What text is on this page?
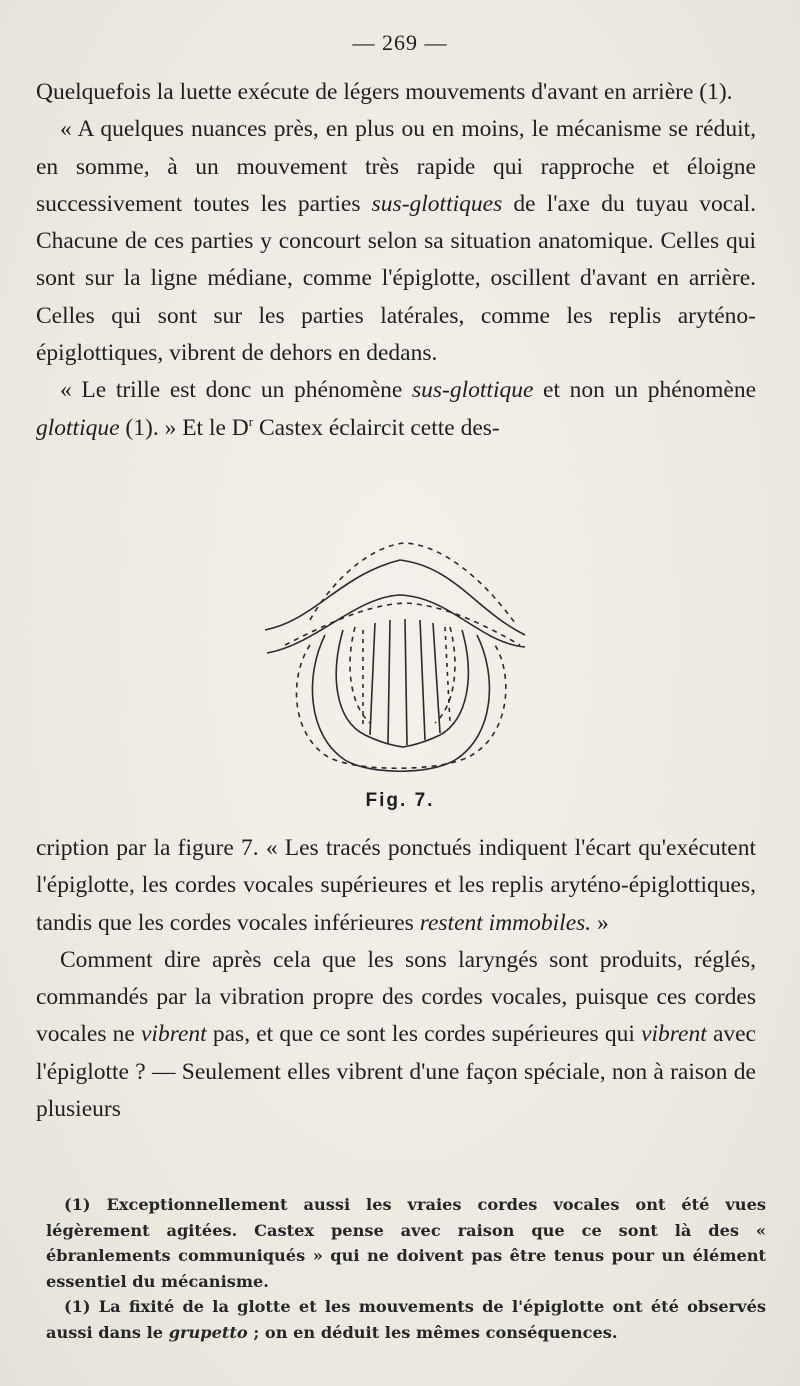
— 269 —

Quelquefois la luette exécute de légers mouvements d'avant en arrière (1).

« A quelques nuances près, en plus ou en moins, le mécanisme se réduit, en somme, à un mouvement très rapide qui rapproche et éloigne successivement toutes les parties sus-glottiques de l'axe du tuyau vocal. Chacune de ces parties y concourt selon sa situation anatomique. Celles qui sont sur la ligne médiane, comme l'épiglotte, oscillent d'avant en arrière. Celles qui sont sur les parties latérales, comme les replis aryténo-épiglottiques, vibrent de dehors en dedans.

« Le trille est donc un phénomène sus-glottique et non un phénomène glottique (1). » Et le $D^r$ Castex éclaircit cette des-

Fig. 7.

cription par la figure 7. « Les tracés ponctués indiquent l'écart qu'exécutent l'épiglotte, les cordes vocales supérieures et les replis aryténo-épiglottiques, tandis que les cordes vocales inférieures restent immobiles. »

Comment dire après cela que les sons laryngés sont produits, réglés, commandés par la vibration propre des cordes vocales, puisque ces cordes vocales ne vibrent pas, et que ce sont les cordes supérieures qui vibrent avec l'épiglotte ? — Seulement elles vibrent d'une façon spéciale, non à raison de plusieurs

(1) Exceptionnellement aussi les vraies cordes vocales ont été vues légèrement agitées. Castex pense avec raison que ce sont là des « ébranlements communiqués » qui ne doivent pas être tenus pour un élément essentiel du mécanisme.

(1) La fixité de la glotte et les mouvements de l'épiglotte ont été observés aussi dans le grupetto ; on en déduit les mêmes conséquences.
